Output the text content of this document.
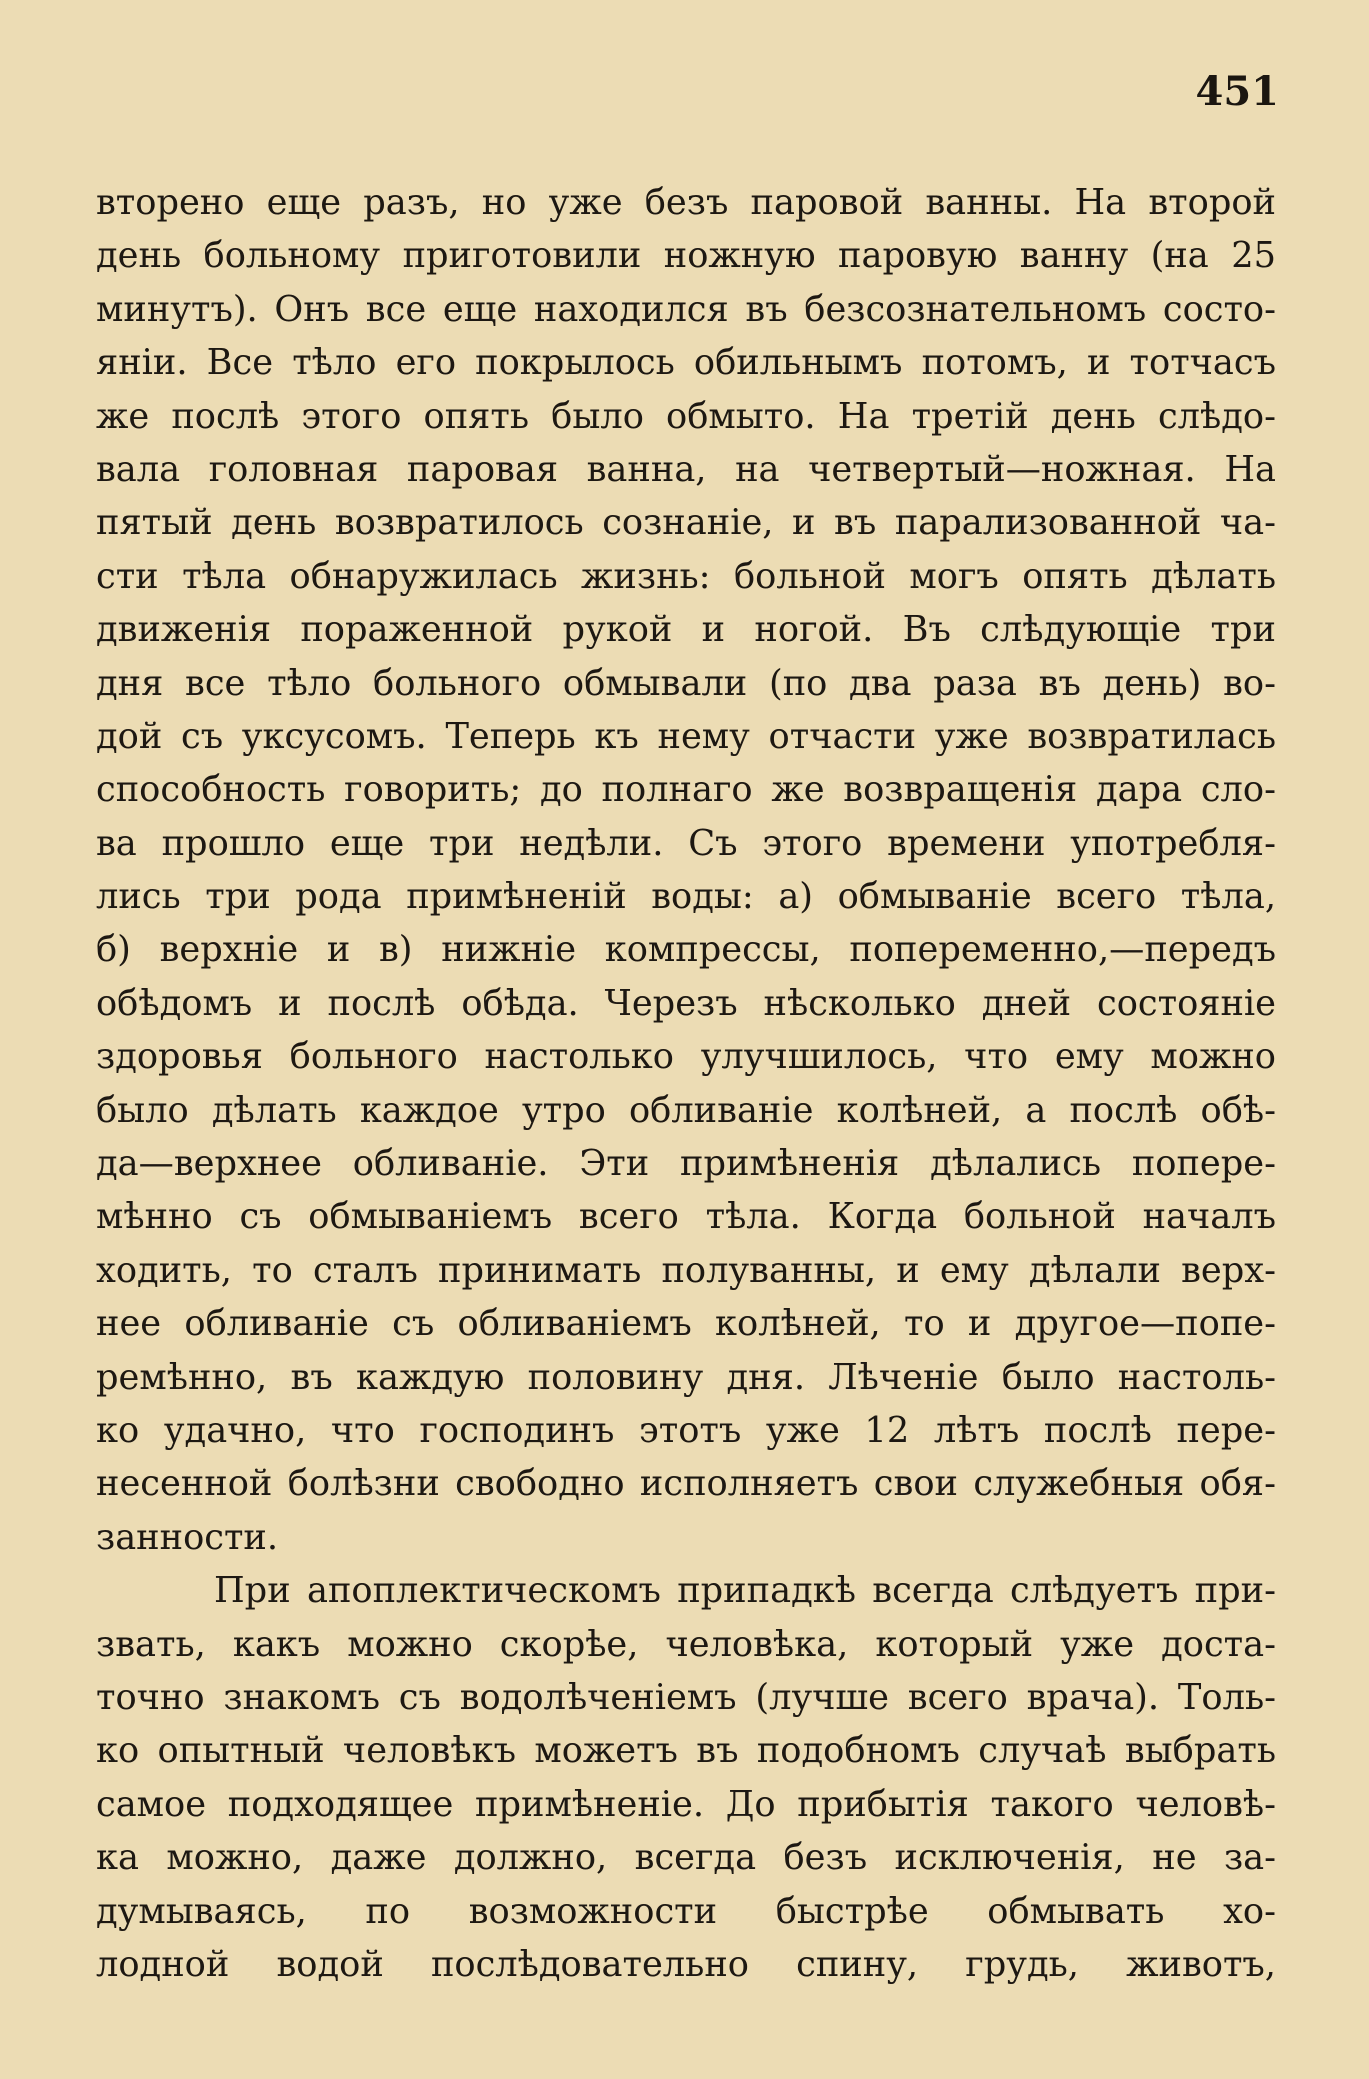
451
вторено еще разъ, но уже безъ паровой ванны. На второй
день больному приготовили ножную паровую ванну (на 25
минутъ). Онъ все еще находился въ безсознательномъ состо-
яніи. Все тѣло его покрылось обильнымъ потомъ, и тотчасъ
же послѣ этого опять было обмыто. На третій день слѣдо-
вала головная паровая ванна, на четвертый—ножная. На
пятый день возвратилось сознаніе, и въ парализованной ча-
сти тѣла обнаружилась жизнь: больной могъ опять дѣлать
движенія пораженной рукой и ногой. Въ слѣдующіе три
дня все тѣло больного обмывали (по два раза въ день) во-
дой съ уксусомъ. Теперь къ нему отчасти уже возвратилась
способность говорить; до полнаго же возвращенія дара сло-
ва прошло еще три недѣли. Съ этого времени употребля-
лись три рода примѣненій воды: а) обмываніе всего тѣла,
б) верхніе и в) нижніе компрессы, попеременно,—передъ
обѣдомъ и послѣ обѣда. Черезъ нѣсколько дней состояніе
здоровья больного настолько улучшилось, что ему можно
было дѣлать каждое утро обливаніе колѣней, а послѣ обѣ-
да—верхнее обливаніе. Эти примѣненія дѣлались попере-
мѣнно съ обмываніемъ всего тѣла. Когда больной началъ
ходить, то сталъ принимать полуванны, и ему дѣлали верх-
нее обливаніе съ обливаніемъ колѣней, то и другое—попе-
ремѣнно, въ каждую половину дня. Лѣченіе было настоль-
ко удачно, что господинъ этотъ уже 12 лѣтъ послѣ пере-
несенной болѣзни свободно исполняетъ свои служебныя обя-
занности.
При апоплектическомъ припадкѣ всегда слѣдуетъ при-
звать, какъ можно скорѣе, человѣка, который уже доста-
точно знакомъ съ водолѣченіемъ (лучше всего врача). Толь-
ко опытный человѣкъ можетъ въ подобномъ случаѣ выбрать
самое подходящее примѣненіе. До прибытія такого человѣ-
ка можно, даже должно, всегда безъ исключенія, не за-
думываясь, по возможности быстрѣе обмывать хо-
лодной водой послѣдовательно спину, грудь, животъ,
